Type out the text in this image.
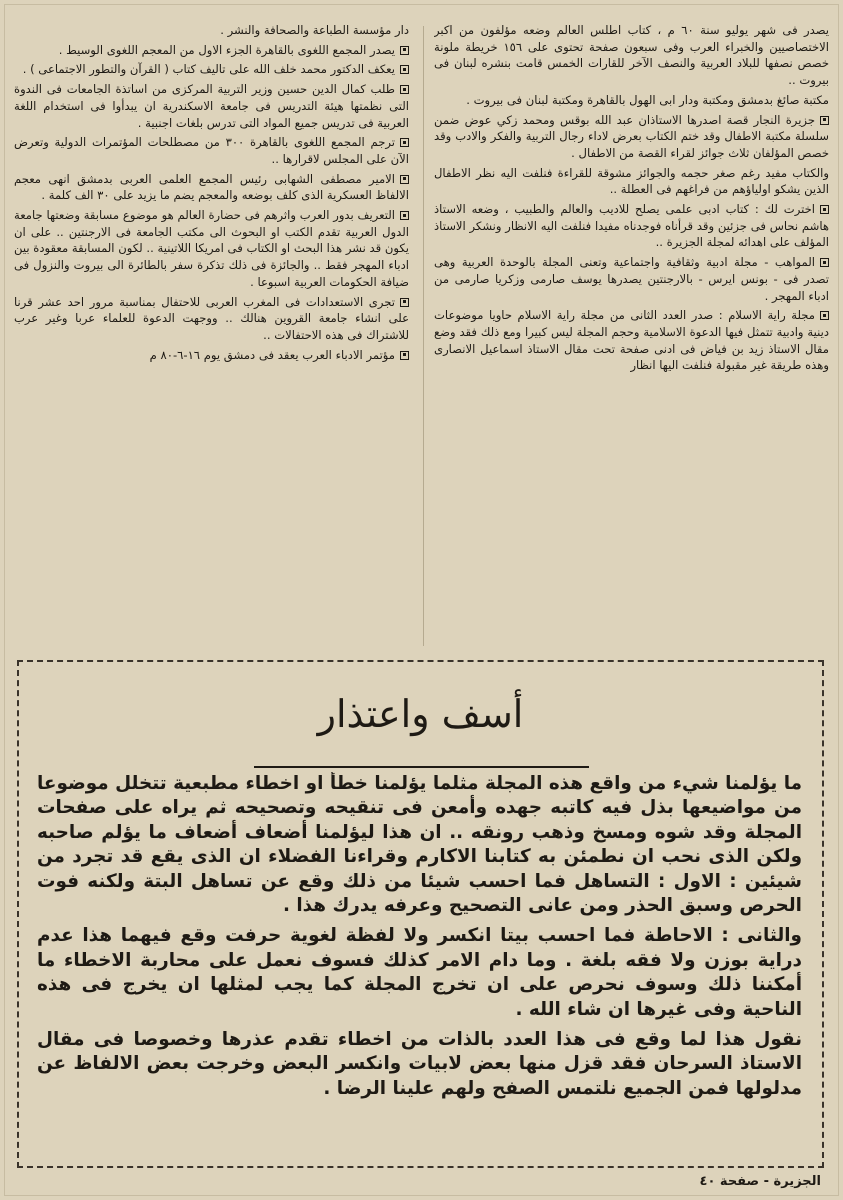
يصدر فى شهر يوليو سنة ٦٠ م ، كتاب اطلس العالم وضعه مؤلفون من اكبر الاختصاصيين والخبراء العرب وفى سبعون صفحة تحتوى على ١٥٦ خريطة ملونة خصص نصفها للبلاد العربية والنصف الآخر للقارات الخمس قامت بنشره لبنان فى بيروت ..

مكتبة صائغ بدمشق ومكتبة ودار ابى الهول بالقاهرة ومكتبة لبنان فى بيروت .

جزيرة النجار قصة اصدرها الاستاذان عبد الله بوقس ومحمد زكي عوض ضمن سلسلة مكتبة الاطفال وقد ختم الكتاب بعرض لاداء رجال التربية والفكر والادب وقد خصص المؤلفان ثلاث جوائز لقراء القصة من الاطفال .

والكتاب مفيد رغم صغر حجمه والجوائز مشوقة للقراءة فنلفت اليه نظر الاطفال الذين يشكو اولياؤهم من فراغهم فى العطلة ..

اخترت لك : كتاب ادبى علمى يصلح للاديب والعالم والطبيب ، وضعه الاستاذ هاشم نحاس فى جزئين وقد قرأناه فوجدناه مفيدا فنلفت اليه الانظار ونشكر الاستاذ المؤلف على اهدائه لمجلة الجزيرة ..

المواهب - مجلة ادبية وثقافية واجتماعية وتعنى المجلة بالوحدة العربية وهى تصدر فى - بونس ايرس - بالارجنتين يصدرها يوسف صارمى وزكريا صارمى من ادباء المهجر .

مجلة راية الاسلام : صدر العدد الثانى من مجلة راية الاسلام حاويا موضوعات دينية وادبية تتمثل فيها الدعوة الاسلامية وحجم المجلة ليس كبيرا ومع ذلك فقد وضع مقال الاستاذ زيد بن فياض فى ادنى صفحة تحت مقال الاستاذ اسماعيل الانصارى وهذه طريقة غير مقبولة فنلفت اليها انظار

دار مؤسسة الطباعة والصحافة والنشر .

يصدر المجمع اللغوى بالقاهرة الجزء الاول من المعجم اللغوى الوسيط .

يعكف الدكتور محمد خلف الله على تاليف كتاب ( القرآن والتطور الاجتماعى ) .

طلب كمال الدين حسين وزير التربية المركزى من اساتذة الجامعات فى الندوة التى نظمتها هيئة التدريس فى جامعة الاسكندرية ان يبدأوا فى استخدام اللغة العربية فى تدريس جميع المواد التى تدرس بلغات اجنبية .

ترجم المجمع اللغوى بالقاهرة ٣٠٠ من مصطلحات المؤتمرات الدولية وتعرض الآن على المجلس لاقرارها ..

الامير مصطفى الشهابى رئيس المجمع العلمى العربى بدمشق انهى معجم الالفاظ العسكرية الذى كلف بوضعه والمعجم يضم ما يزيد على ٣٠ الف كلمة .

التعريف بدور العرب واثرهم فى حضارة العالم هو موضوع مسابقة وضعتها جامعة الدول العربية تقدم الكتب او البحوث الى مكتب الجامعة فى الارجنتين .. على ان يكون قد نشر هذا البحث او الكتاب فى امريكا اللاتينية .. لكون المسابقة معقودة بين ادباء المهجر فقط .. والجائزة فى ذلك تذكرة سفر بالطائرة الى بيروت والنزول فى ضيافة الحكومات العربية اسبوعا .

تجرى الاستعدادات فى المغرب العربى للاحتفال بمناسبة مرور احد عشر قرنا على انشاء جامعة القروين هنالك .. ووجهت الدعوة للعلماء عربا وغير عرب للاشتراك فى هذه الاحتفالات ..

مؤتمر الادباء العرب يعقد فى دمشق يوم ١٦-٦-٨٠ م

أسف واعتذار

ما يؤلمنا شيء من واقع هذه المجلة مثلما يؤلمنا خطأ او اخطاء مطبعية تتخلل موضوعا من مواضيعها بذل فيه كاتبه جهده وأمعن فى تنقيحه وتصحيحه ثم يراه على صفحات المجلة وقد شوه ومسخ وذهب رونقه .. ان هذا ليؤلمنا أضعاف أضعاف ما يؤلم صاحبه ولكن الذى نحب ان نطمئن به كتابنا الاكارم وقراءنا الفضلاء ان الذى يقع قد تجرد من شيئين : الاول : التساهل فما احسب شيئا من ذلك وقع عن تساهل البتة ولكنه فوت الحرص وسبق الحذر ومن عانى التصحيح وعرفه يدرك هذا .

والثانى : الاحاطة فما احسب بيتا انكسر ولا لفظة لغوية حرفت وقع فيهما هذا عدم دراية بوزن ولا فقه بلغة . وما دام الامر كذلك فسوف نعمل على محاربة الاخطاء ما أمكننا ذلك وسوف نحرص على ان تخرج المجلة كما يجب لمثلها ان يخرج فى هذه الناحية وفى غيرها ان شاء الله .

نقول هذا لما وقع فى هذا العدد بالذات من اخطاء تقدم عذرها وخصوصا فى مقال الاستاذ السرحان فقد قزل منها بعض لابيات وانكسر البعض وخرجت بعض الالفاظ عن مدلولها فمن الجميع نلتمس الصفح ولهم علينا الرضا .

الجزيرة - صفحة ٤٠
